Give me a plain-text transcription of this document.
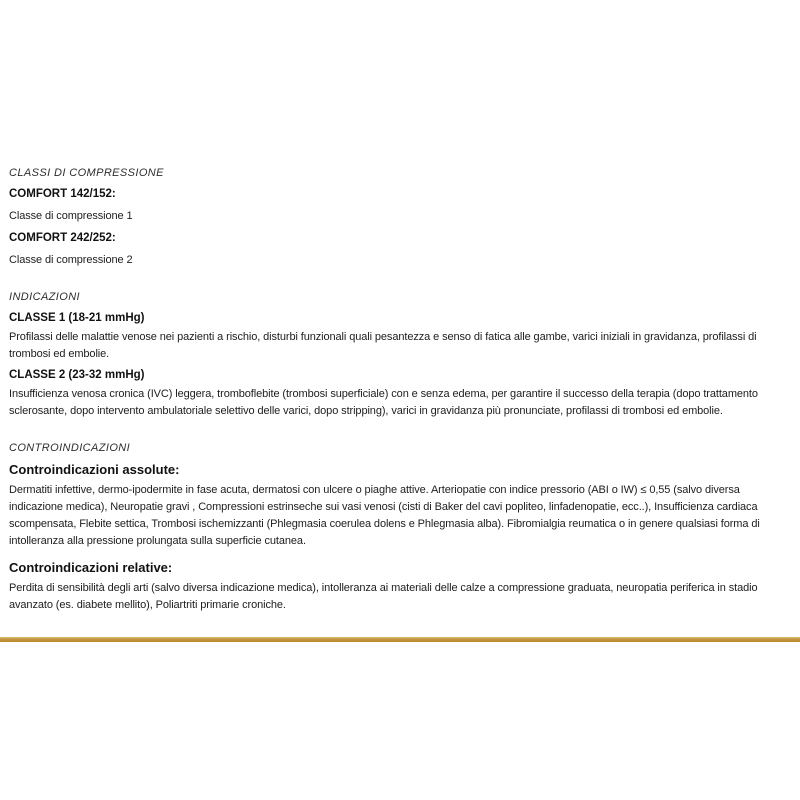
CLASSI DI COMPRESSIONE
COMFORT 142/152:
Classe di compressione 1
COMFORT 242/252:
Classe di compressione 2
INDICAZIONI
CLASSE 1 (18-21 mmHg)
Profilassi delle malattie venose nei pazienti a rischio, disturbi funzionali quali pesantezza e senso di fatica alle gambe, varici iniziali in gravidanza, profilassi di trombosi ed embolie.
CLASSE 2 (23-32 mmHg)
Insufficienza venosa cronica (IVC) leggera, tromboflebite (trombosi superficiale) con e senza edema, per garantire il successo della terapia (dopo trattamento sclerosante, dopo intervento ambulatoriale selettivo delle varici, dopo stripping), varici in gravidanza più pronunciate, profilassi di trombosi ed embolie.
CONTROINDICAZIONI
Controindicazioni assolute:
Dermatiti infettive, dermo-ipodermite in fase acuta, dermatosi con ulcere o piaghe attive. Arteriopatie con indice pressorio (ABI o IW) ≤ 0,55 (salvo diversa indicazione medica), Neuropatie gravi , Compressioni estrinseche sui vasi venosi (cisti di Baker del cavi popliteo, linfadenopatie, ecc..), Insufficienza cardiaca scompensata, Flebite settica, Trombosi ischemizzanti (Phlegmasia coerulea dolens e Phlegmasia alba). Fibromialgia reumatica o in genere qualsiasi forma di intolleranza alla pressione prolungata sulla superficie cutanea.
Controindicazioni relative:
Perdita di sensibilità degli arti (salvo diversa indicazione medica), intolleranza ai materiali delle calze a compressione graduata, neuropatia periferica in stadio avanzato (es. diabete mellito), Poliartriti primarie croniche.
